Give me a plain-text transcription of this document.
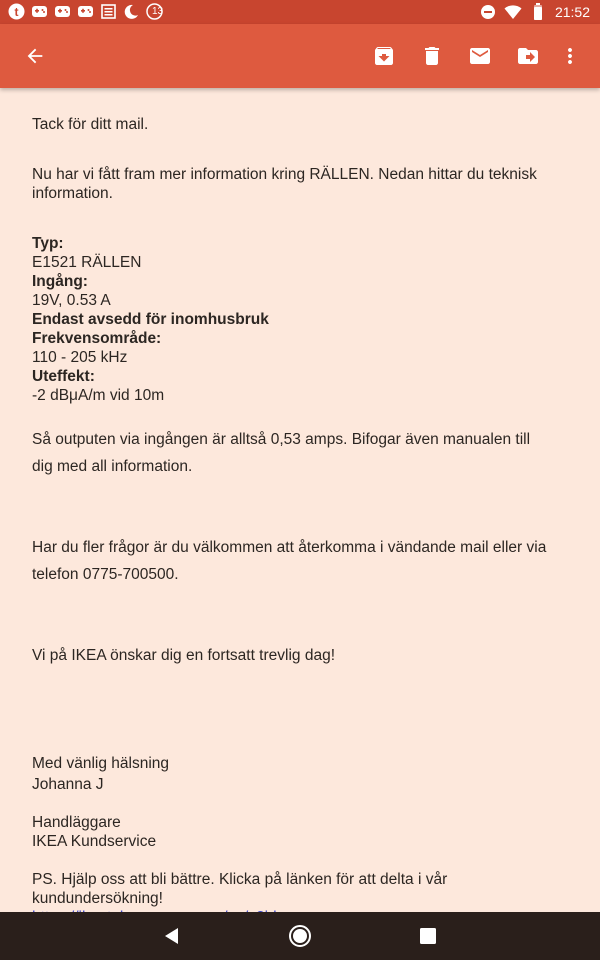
t	13	21:52
Tack för ditt mail.
Nu har vi fått fram mer information kring RÄLLEN. Nedan hittar du teknisk
information.
Typ:
E1521 RÄLLEN
Ingång:
19V, 0.53 A
Endast avsedd för inomhusbruk
Frekvensområde:
110 - 205 kHz
Uteffekt:
-2 dBμA/m vid 10m
Så outputen via ingången är alltså 0,53 amps. Bifogar även manualen till
dig med all information.
Har du fler frågor är du välkommen att återkomma i vändande mail eller via
telefon 0775-700500.
Vi på IKEA önskar dig en fortsatt trevlig dag!
Med vänlig hälsning
Johanna J
Handläggare
IKEA Kundservice
PS. Hjälp oss att bli bättre. Klicka på länken för att delta i vår
kundundersökning!
